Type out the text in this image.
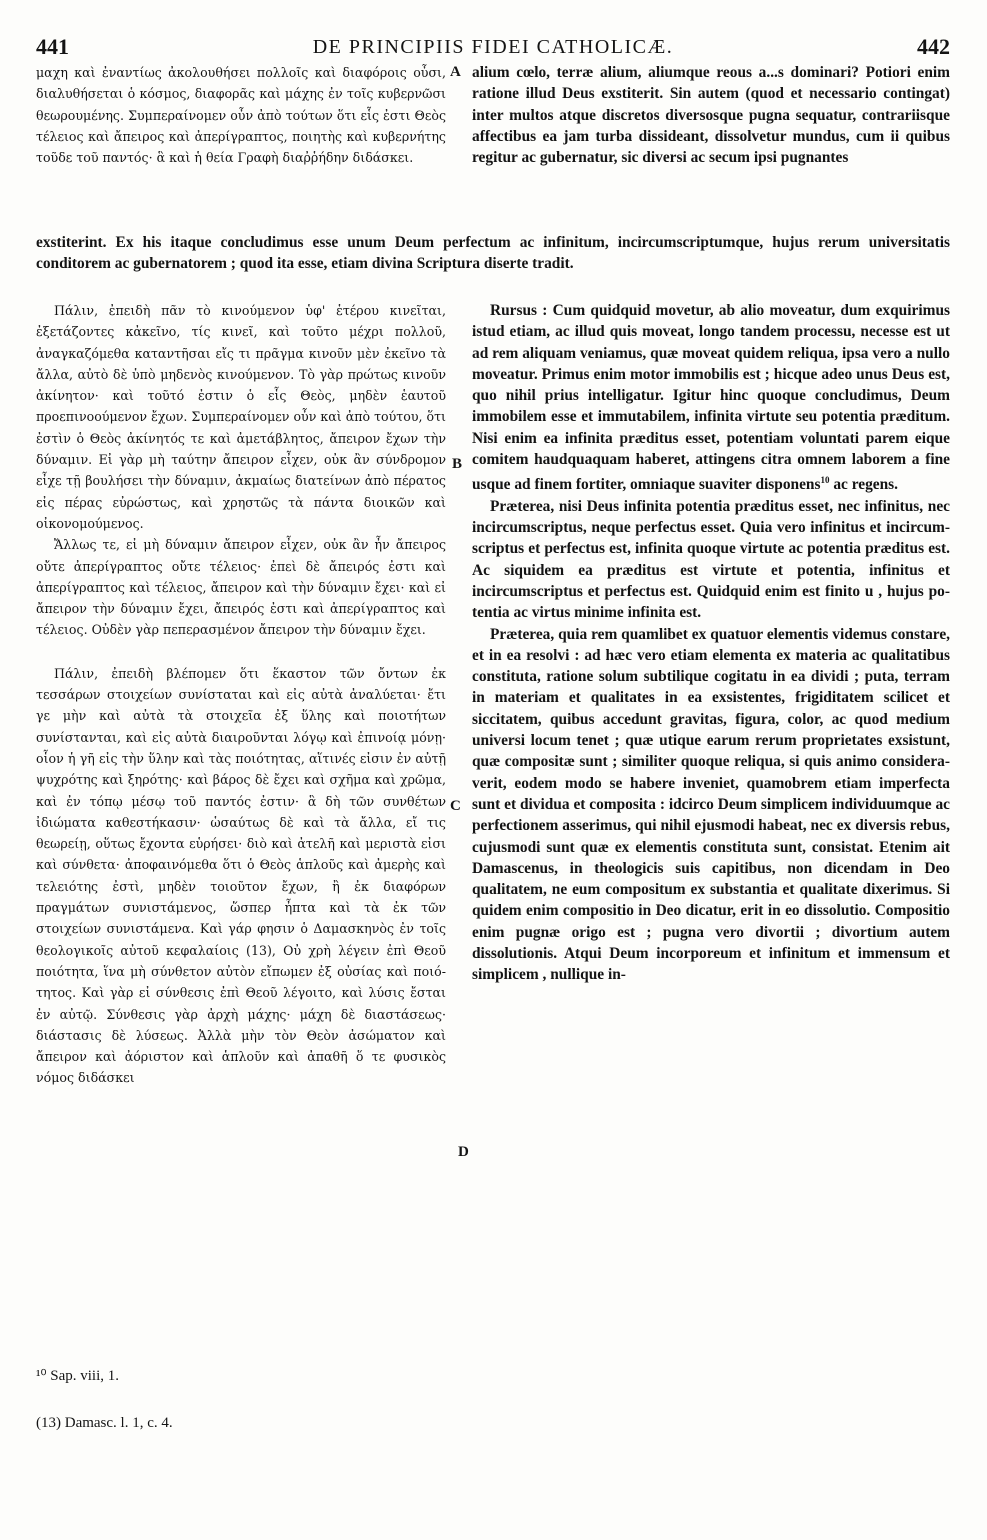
441	DE PRINCIPIIS FIDEI CATHOLICÆ.	442

μαχη καὶ ἐναντίως ἀκολουθήσει πολλοῖς καὶ διαφόροις οὖσι, διαλυθήσεται ὁ κόσμος, διαφορᾶς καὶ μάχης ἐν τοῖς κυβερνῶσι θεωρουμένης. Συμπεραίνομεν οὖν ἀπὸ τούτων ὅτι εἷς ἐστι Θεὸς τέλειος καὶ ἄπειρος καὶ ἀπερίγραπτος, ποιητὴς καὶ κυβερνήτης τοῦδε τοῦ παντός· ἃ καὶ ἡ θεία Γραφὴ διαῤῥήδην διδάσκει.

alium cœlo, terræ alium, aliumque reous a...s dominari? Potiori enim ratione illud Deus exstiterit. Sin autem (quod et necessario contingat) inter multos atque discretos diversosque pugna sequatur, contrariisque affectibus ea jam turba dissideant, dissolvetur mundus, cum ii quibus regitur ac gubernatur, sic diversi ac secum ipsi pugnantes

exstiterint. Ex his itaque concludimus esse unum Deum perfectum ac infinitum, incircumscriptumque, hujus rerum universitatis conditorem ac gubernatorem ; quod ita esse, etiam divina Scriptura diserte tradit.
A
B
C
D

Πάλιν, ἐπειδὴ πᾶν τὸ κινούμενον ὑφ' ἑτέρου κινεῖται, ἐξετάζοντες κἀκεῖνο, τίς κινεῖ, καὶ τοῦτο μέχρι πολλοῦ, ἀναγκαζόμεθα καταντῆσαι εἴς τι πρᾶγμα κινοῦν μὲν ἐκεῖνο τὰ ἄλλα, αὐτὸ δὲ ὑπὸ μηδενὸς κινούμενον. Τὸ γὰρ πρώτως κινοῦν ἀκίνητον· καὶ τοῦτό ἐστιν ὁ εἷς Θεὸς, μηδὲν ἑαυτοῦ προεπινοούμενον ἔχων. Συμπεραίνομεν οὖν καὶ ἀπὸ τούτου, ὅτι ἐστὶν ὁ Θεὸς ἀκίνητός τε καὶ ἀμετάβλητος, ἄπειρον ἔχων τὴν δύναμιν. Εἰ γὰρ μὴ ταύτην ἄπειρον εἶχεν, οὐκ ἂν σύνδρομον εἶχε τῇ βουλήσει τὴν δύναμιν, ἀκμαίως διατείνων ἀπὸ πέρατος εἰς πέρας εὐρώστως, καὶ χρηστῶς τὰ πάντα διοικῶν καὶ οἰκονομούμενος.

Ἄλλως τε, εἰ μὴ δύναμιν ἄπειρον εἶχεν, οὐκ ἂν ἦν ἄπειρος οὔτε ἀπερίγραπτος οὔτε τέλειος· ἐπεὶ δὲ ἄπειρός ἐστι καὶ ἀπερίγραπτος καὶ τέλειος, ἄπειρον καὶ τὴν δύναμιν ἔχει· καὶ εἰ ἄπειρον τὴν δύναμιν ἔχει, ἄπειρός ἐστι καὶ ἀπερίγραπτος καὶ τέλειος. Οὐδὲν γὰρ πεπερασμένον ἄπειρον τὴν δύναμιν ἔχει.

Πάλιν, ἐπειδὴ βλέπομεν ὅτι ἕκαστον τῶν ὄντων ἐκ τεσσάρων στοιχείων συνίσταται καὶ εἰς αὐτὰ ἀναλύεται· ἔτι γε μὴν καὶ αὐτὰ τὰ στοιχεῖα ἐξ ὕλης καὶ ποιοτήτων συνίστανται, καὶ εἰς αὐτὰ διαιροῦνται λόγῳ καὶ ἐπινοίᾳ μόνῃ· οἷον ἡ γῆ εἰς τὴν ὕλην καὶ τὰς ποιότητας, αἵτινές εἰσιν ἐν αὐτῇ ψυχρότης καὶ ξηρότης· καὶ βάρος δὲ ἔχει καὶ σχῆμα καὶ χρῶμα, καὶ ἐν τόπῳ μέσῳ τοῦ παντός ἐστιν· ἃ δὴ τῶν συνθέτων ἰδιώματα καθεστήκασιν· ὡσαύτως δὲ καὶ τὰ ἄλλα, εἴ τις θεωρείῃ, οὕτως ἔχοντα εὑρήσει· διὸ καὶ ἀτελῆ καὶ μεριστὰ εἰσι καὶ σύνθετα· ἀποφαινόμεθα ὅτι ὁ Θεὸς ἁπλοῦς καὶ ἀμερὴς καὶ τελειότης ἐστὶ, μηδὲν τοιοῦτον ἔχων, ἢ ἐκ διαφόρων πραγμάτων συνιστάμενος, ὥσπερ ἦπτα καὶ τὰ ἐκ τῶν στοιχείων συνιστάμενα. Καὶ γάρ φησιν ὁ Δαμασκηνὸς ἐν τοῖς θεολογικοῖς αὐτοῦ κεφαλαίοις (13), Οὐ χρὴ λέγειν ἐπὶ Θεοῦ ποιότητα, ἵνα μὴ σύνθετον αὐτὸν εἴπωμεν ἐξ οὐσίας καὶ ποιότητος. Καὶ γὰρ εἰ σύνθεσις ἐπὶ Θεοῦ λέγοιτο, καὶ λύσις ἔσται ἐν αὐτῷ. Σύνθεσις γὰρ ἀρχὴ μάχης· μάχη δὲ διαστάσεως· διάστασις δὲ λύσεως. Ἀλλὰ μὴν τὸν Θεὸν ἀσώματον καὶ ἄπειρον καὶ ἀόριστον καὶ ἁπλοῦν καὶ ἀπαθῆ ὅ τε φυσικὸς νόμος διδάσκει

Rursus : Cum quidquid movetur, ab alio moveatur, dum exquirimus istud etiam, ac illud quis moveat, longo tandem processu, necesse est ut ad rem aliquam veniamus, quæ moveat quidem reliqua, ipsa vero a nullo moveatur. Primus enim motor immobilis est ; hicque adeo unus Deus est, quo nihil prius intelligatur. Igitur hinc quoque concludimus, Deum immobilem esse et immutabilem, infinita virtute seu potentia præditum. Nisi enim ea infinita præditus esset, potentiam voluntati parem eique comitem haudquaquam haberet, attingens citra omnem laborem a fine usque ad finem fortiter, omniaque suaviter disponens$^{10}$ ac regens.

Præterea, nisi Deus infinita potentia præditus esset, nec infinitus, nec incircumscriptus, neque perfectus esset. Quia vero infinitus et incircumscriptus et perfectus est, infinita quoque virtute ac potentia præditus est. Ac siquidem ea præditus est virtute et potentia, infinitus et incircumscriptus et perfectus est. Quidquid enim est finito u , hujus potentia ac virtus minime infinita est.

Præterea, quia rem quamlibet ex quatuor elementis videmus constare, et in ea resolvi : ad hæc vero etiam elementa ex materia ac qualitatibus constituta, ratione solum subtilique cogitatu in ea dividi ; puta, terram in materiam et qualitates in ea exsistentes, frigiditatem scilicet et siccitatem, quibus accedunt gravitas, figura, color, ac quod medium universi locum tenet ; quæ utique earum rerum proprietates exsistunt, quæ compositæ sunt ; similiter quoque reliqua, si quis animo consideraverit, eodem modo se habere inveniet, quamobrem etiam imperfecta sunt et dividua et composita : idcirco Deum simplicem individuumque ac perfectionem asserimus, qui nihil ejusmodi habeat, nec ex diversis rebus, cujusmodi sunt quæ ex elementis constituta sunt, consistat. Etenim ait Damascenus, in theologicis suis capitibus, non dicendam in Deo qualitatem, ne eum compositum ex substantia et qualitate dixerimus. Si quidem enim compositio in Deo dicatur, erit in eo dissolutio. Compositio enim pugnæ origo est ; pugna vero divortii ; divortium autem dissolutionis. Atqui Deum incorporeum et infinitum et immensum et simplicem , nullique in-

¹⁰ Sap. viii, 1.
(13) Damasc. l. 1, c. 4.
